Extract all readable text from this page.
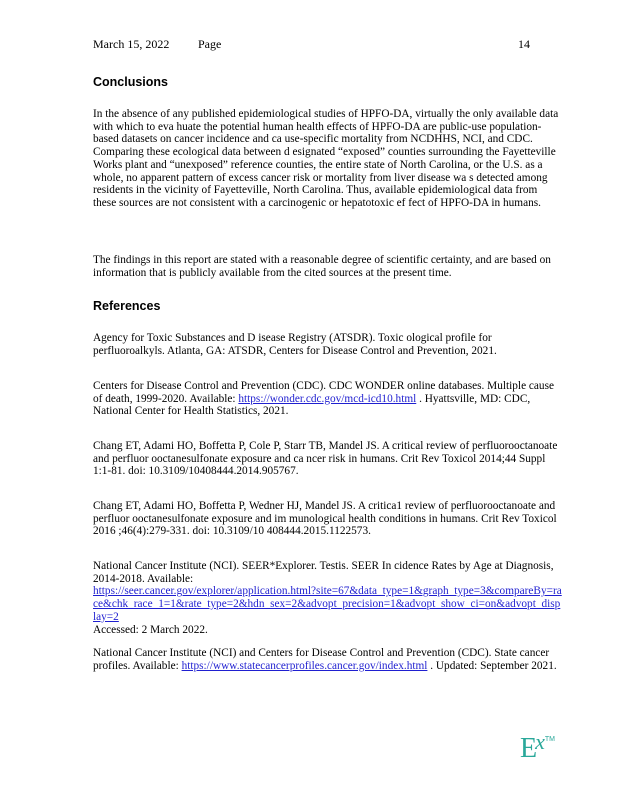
March 15, 2022 Page	14
Conclusions

In the absence of any published epidemiological studies of HPFO-DA, virtually the only available data with which to eva huate the potential human health effects of HPFO-DA are public-use population-based datasets on cancer incidence and ca use-specific mortality from NCDHHS, NCI, and CDC. Comparing these ecological data between d esignated “exposed” counties surrounding the Fayetteville Works plant and “unexposed” reference counties, the entire state of North Carolina, or the U.S. as a whole, no apparent pattern of excess cancer risk or mortality from liver disease wa s detected among residents in the vicinity of Fayetteville, North Carolina. Thus, available epidemiological data from these sources are not consistent with a carcinogenic or hepatotoxic ef fect of HPFO-DA in humans.

The findings in this report are stated with a reasonable degree of scientific certainty, and are based on information that is publicly available from the cited sources at the present time.

References

Agency for Toxic Substances and D isease Registry (ATSDR). Toxic ological profile for perfluoroalkyls. Atlanta, GA: ATSDR, Centers for Disease Control and Prevention, 2021.

Centers for Disease Control and Prevention (CDC). CDC WONDER online databases. Multiple cause of death, 1999-2020. Available: https://wonder.cdc.gov/mcd-icd10.html . Hyattsville, MD: CDC, National Center for Health Statistics, 2021.

Chang ET, Adami HO, Boffetta P, Cole P, Starr TB, Mandel JS. A critical review of perfluorooctanoate and perfluor ooctanesulfonate exposure and ca ncer risk in humans. Crit Rev Toxicol 2014;44 Suppl 1:1-81. doi: 10.3109/10408444.2014.905767.

Chang ET, Adami HO, Boffetta P, Wedner HJ, Mandel JS. A critica1 review of perfluorooctanoate and perfluor ooctanesulfonate exposure and im munological health conditions in humans. Crit Rev Toxicol 2016 ;46(4):279-331. doi: 10.3109/10 408444.2015.1122573.

National Cancer Institute (NCI). SEER*Explorer. Testis. SEER In cidence Rates by Age at Diagnosis, 2014-2018. Available:
https://seer.cancer.gov/explorer/application.html?site=67&data_type=1&graph_type=3&compareBy=race&chk_race_1=1&rate_type=2&hdn_sex=2&advopt_precision=1&advopt_show_ci=on&advopt_display=2
Accessed: 2 March 2022.

National Cancer Institute (NCI) and Centers for Disease Control and Prevention (CDC). State cancer profiles. Available: https://www.statecancerprofiles.cancer.gov/index.html . Updated: September 2021.

$E^{xTM}$
